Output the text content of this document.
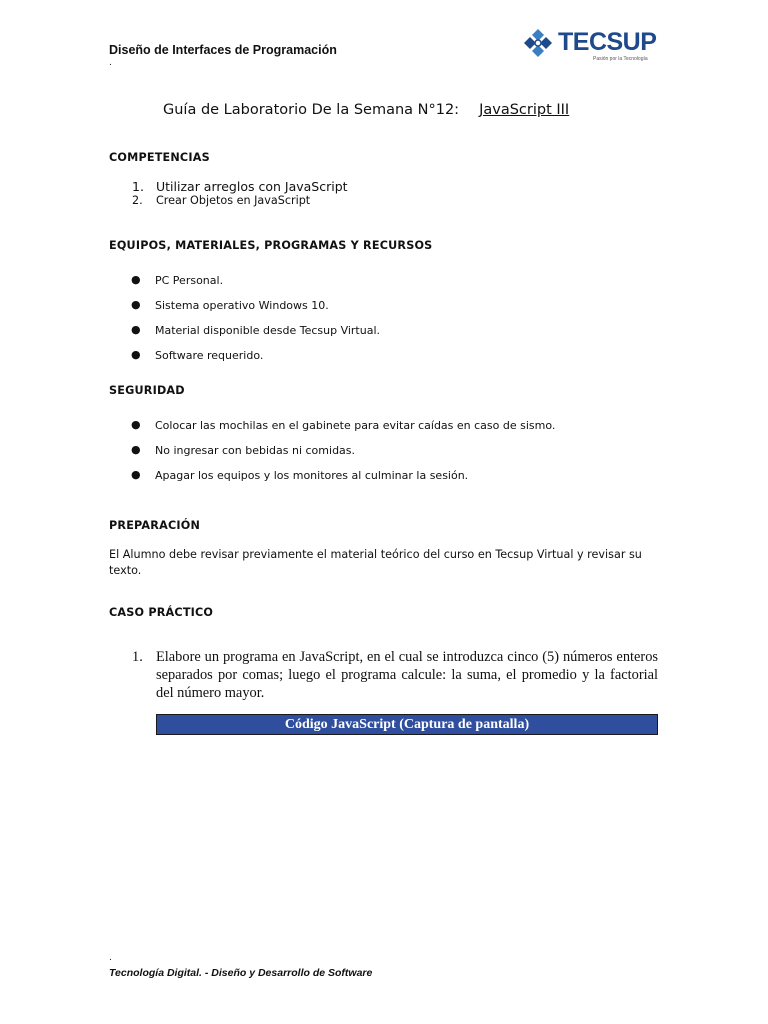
Diseño de Interfaces de Programación
.
TECSUP
Pasión por la Tecnología
Guía de Laboratorio De la Semana N°12: JavaScript III
COMPETENCIAS
1. Utilizar arreglos con JavaScript
2. Crear Objetos en JavaScript
EQUIPOS, MATERIALES, PROGRAMAS Y RECURSOS
● PC Personal.
● Sistema operativo Windows 10.
● Material disponible desde Tecsup Virtual.
● Software requerido.
SEGURIDAD
● Colocar las mochilas en el gabinete para evitar caídas en caso de sismo.
● No ingresar con bebidas ni comidas.
● Apagar los equipos y los monitores al culminar la sesión.
PREPARACIÓN
El Alumno debe revisar previamente el material teórico del curso en Tecsup Virtual y revisar su texto.
CASO PRÁCTICO
1. Elabore un programa en JavaScript, en el cual se introduzca cinco (5) números enteros separados por comas; luego el programa calcule: la suma, el promedio y la factorial del número mayor.
Código JavaScript (Captura de pantalla)
.
Tecnología Digital. - Diseño y Desarrollo de Software
